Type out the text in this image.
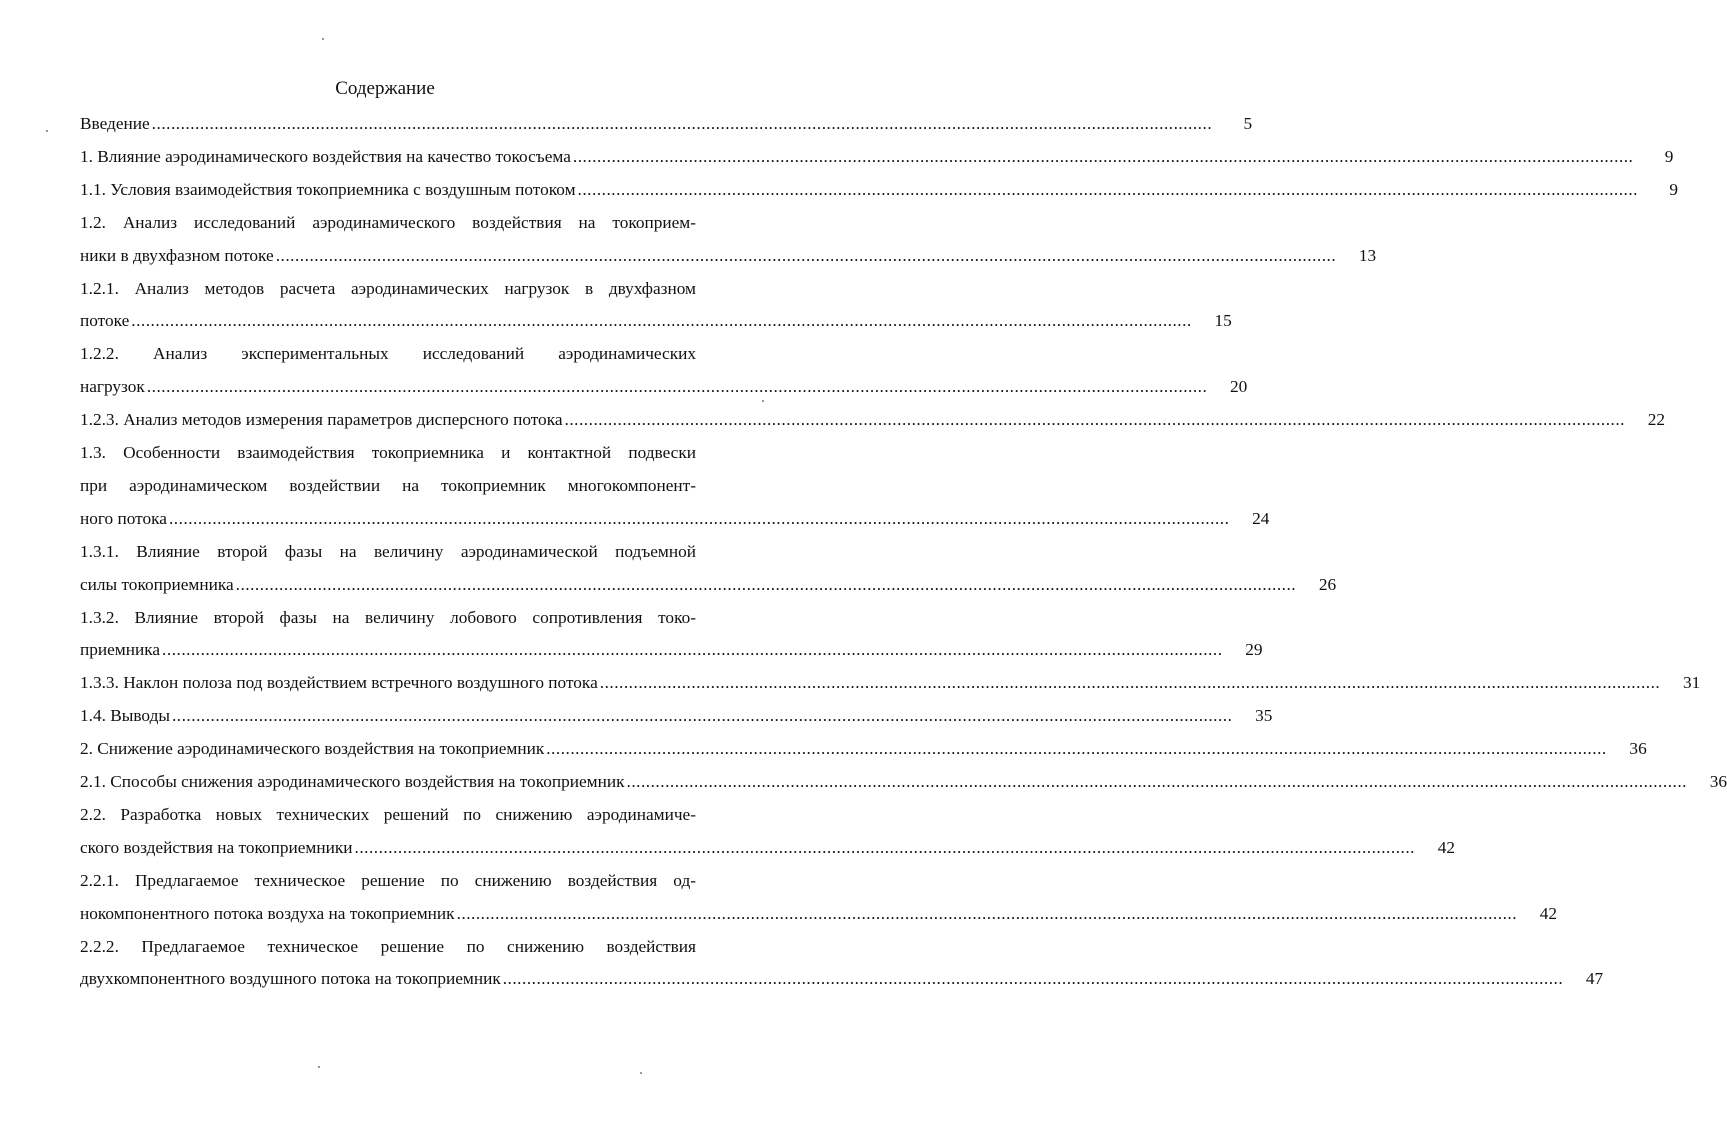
Содержание
Введение ............................................................................................................................................................................................................................	5
1. Влияние аэродинамического воздействия на качество токосъема ............................................................................................................................................................................................................................	9
1.1. Условия взаимодействия токоприемника с воздушным потоком ............................................................................................................................................................................................................................	9
1.2. Анализ исследований аэродинамического воздействия на токоприем-
ники в двухфазном потоке ............................................................................................................................................................................................................................	13
1.2.1. Анализ методов расчета аэродинамических нагрузок в двухфазном
потоке ............................................................................................................................................................................................................................	15
1.2.2. Анализ экспериментальных исследований аэродинамических
нагрузок ............................................................................................................................................................................................................................	20
1.2.3. Анализ методов измерения параметров дисперсного потока ............................................................................................................................................................................................................................	22
1.3. Особенности взаимодействия токоприемника и контактной подвески
при аэродинамическом воздействии на токоприемник многокомпонент-
ного потока ............................................................................................................................................................................................................................	24
1.3.1. Влияние второй фазы на величину аэродинамической подъемной
силы токоприемника ............................................................................................................................................................................................................................	26
1.3.2. Влияние второй фазы на величину лобового сопротивления токо-
приемника ............................................................................................................................................................................................................................	29
1.3.3. Наклон полоза под воздействием встречного воздушного потока ............................................................................................................................................................................................................................	31
1.4. Выводы ............................................................................................................................................................................................................................	35
2. Снижение аэродинамического воздействия на токоприемник ............................................................................................................................................................................................................................	36
2.1. Способы снижения аэродинамического воздействия на токоприемник ............................................................................................................................................................................................................................	36
2.2. Разработка новых технических решений по снижению аэродинамиче-
ского воздействия на токоприемники ............................................................................................................................................................................................................................	42
2.2.1. Предлагаемое техническое решение по снижению воздействия од-
нокомпонентного потока воздуха на токоприемник ............................................................................................................................................................................................................................	42
2.2.2. Предлагаемое техническое решение по снижению воздействия
двухкомпонентного воздушного потока на токоприемник ............................................................................................................................................................................................................................	47
